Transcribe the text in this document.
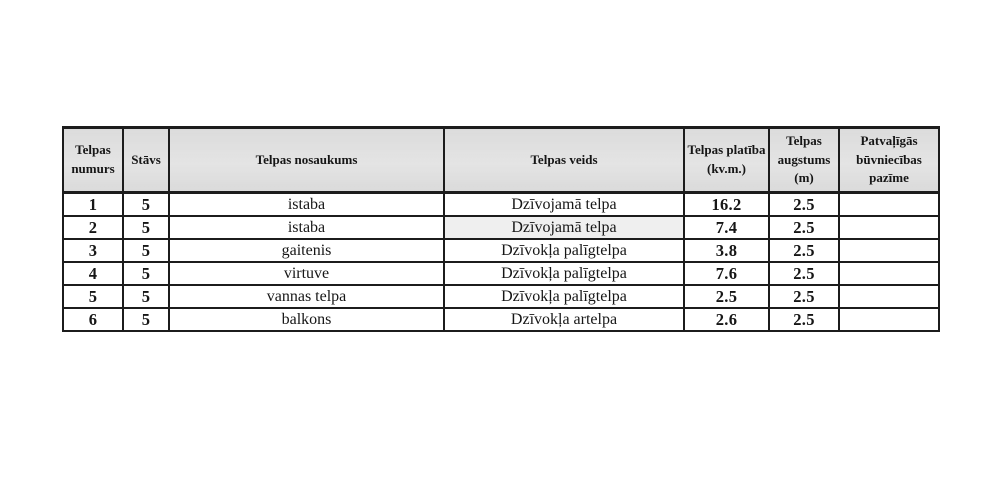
Telpas numurs	Stāvs	Telpas nosaukums	Telpas veids	Telpas platība (kv.m.)	Telpas augstums (m)	Patvaļīgās būvniecības pazīme
1	5	istaba	Dzīvojamā telpa	16.2	2.5	
2	5	istaba	Dzīvojamā telpa	7.4	2.5	
3	5	gaitenis	Dzīvokļa palīgtelpa	3.8	2.5	
4	5	virtuve	Dzīvokļa palīgtelpa	7.6	2.5	
5	5	vannas telpa	Dzīvokļa palīgtelpa	2.5	2.5	
6	5	balkons	Dzīvokļa artelpa	2.6	2.5	
